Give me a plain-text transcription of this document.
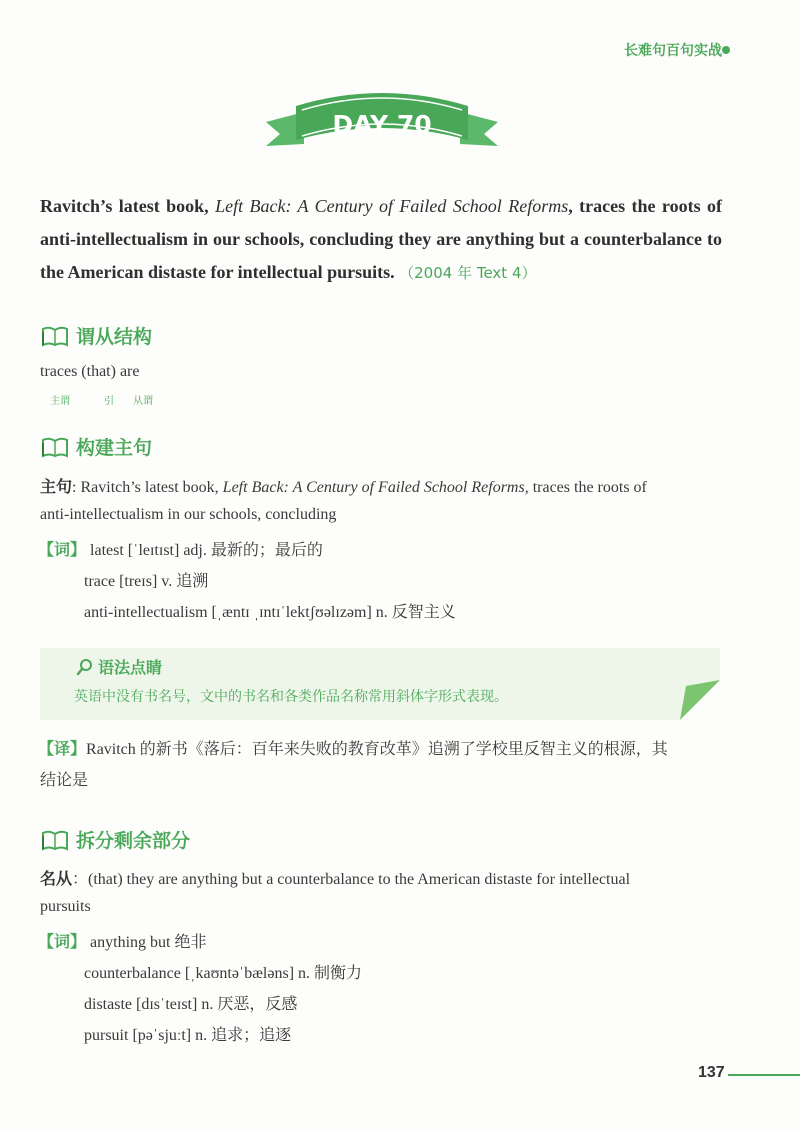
长难句百句实战
DAY 70
Ravitch’s latest book, Left Back: A Century of Failed School Reforms, traces the roots of anti-intellectualism in our schools, concluding they are anything but a counterbalance to the American distaste for intellectual pursuits. （2004 年 Text 4）
谓从结构
traces (that) are
主谓	引 从谓
构建主句
主句: Ravitch’s latest book, Left Back: A Century of Failed School Reforms, traces the roots of
anti-intellectualism in our schools, concluding
【词】 latest [ˈleɪtɪst] adj. 最新的；最后的
trace [treɪs] v. 追溯
anti-intellectualism [ˌæntɪ ˌɪntɪˈlektʃʊəlɪzəm] n. 反智主义
语法点睛
英语中没有书名号，文中的书名和各类作品名称常用斜体字形式表现。
【译】Ravitch 的新书《落后：百年来失败的教育改革》追溯了学校里反智主义的根源，其
结论是
拆分剩余部分
名从：(that) they are anything but a counterbalance to the American distaste for intellectual
pursuits
【词】 anything but 绝非
counterbalance [ˌkaʊntəˈbæləns] n. 制衡力
distaste [dɪsˈteɪst] n. 厌恶，反感
pursuit [pəˈsjuːt] n. 追求；追逐
137
